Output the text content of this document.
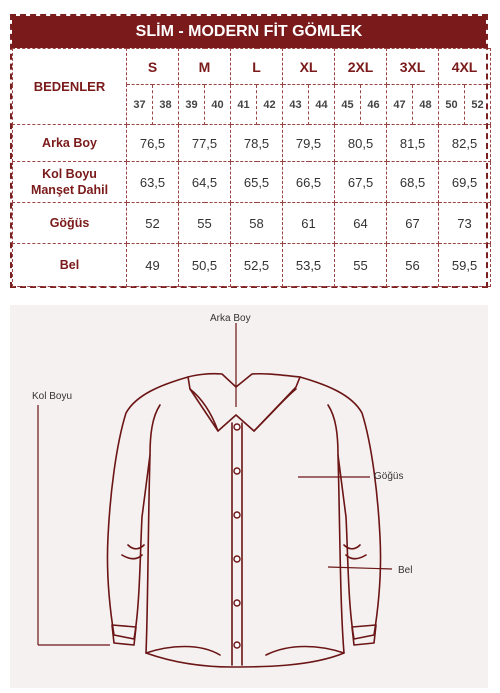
SLİM - MODERN FİT GÖMLEK
BEDENLER	S		M		L		XL		2XL		3XL		4XL	
	37	38	39	40	41	42	43	44	45	46	47	48	50	52
Arka Boy	76,5		77,5		78,5		79,5		80,5		81,5		82,5	
Kol Boyu
Manşet Dahil	63,5		64,5		65,5		66,5		67,5		68,5		69,5	
Göğüs	52		55		58		61		64		67		73	
Bel	49		50,5		52,5		53,5		55		56		59,5	
Arka Boy
Kol Boyu
Göğüs
Bel
